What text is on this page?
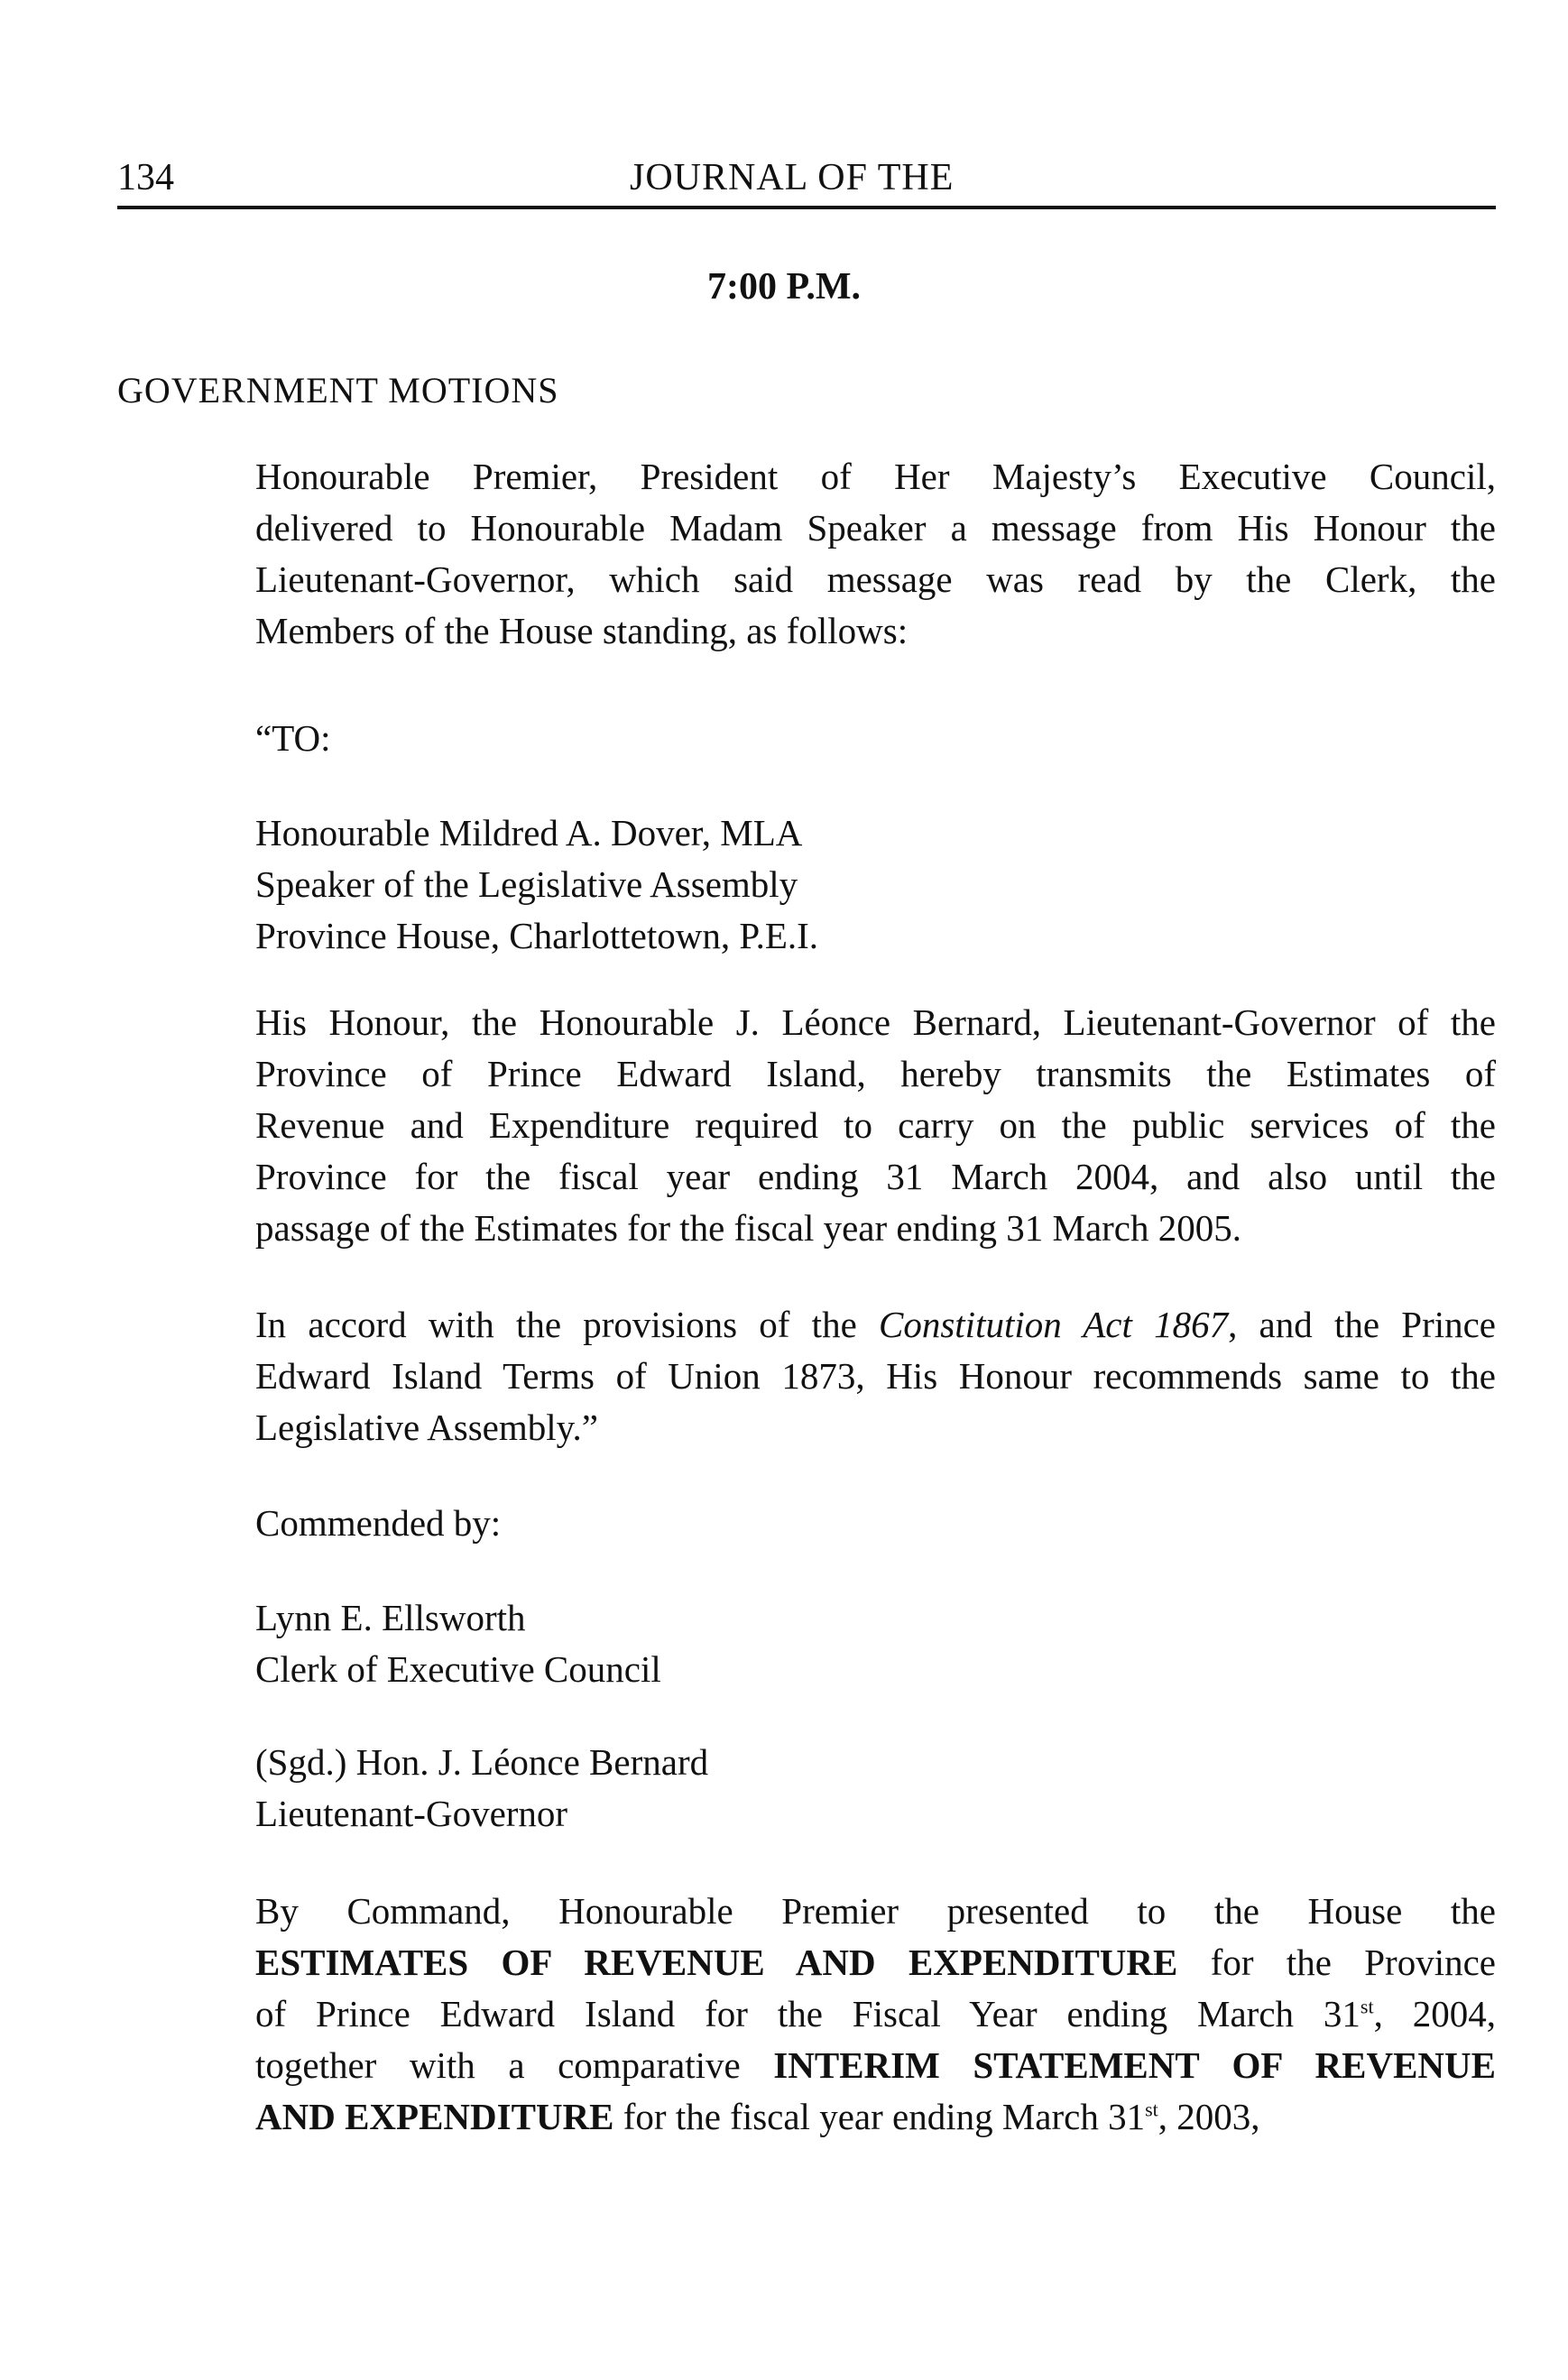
134	JOURNAL OF THE
7:00 P.M.
GOVERNMENT MOTIONS
Honourable Premier, President of Her Majesty’s Executive Council,
delivered to Honourable Madam Speaker a message from His Honour the
Lieutenant-Governor, which said message was read by the Clerk, the
Members of the House standing, as follows:
“TO:
Honourable Mildred A. Dover, MLA
Speaker of the Legislative Assembly
Province House, Charlottetown, P.E.I.
His Honour, the Honourable J. Léonce Bernard, Lieutenant-Governor of the
Province of Prince Edward Island, hereby transmits the Estimates of
Revenue and Expenditure required to carry on the public services of the
Province for the fiscal year ending 31 March 2004, and also until the
passage of the Estimates for the fiscal year ending 31 March 2005.
In accord with the provisions of the Constitution Act 1867, and the Prince
Edward Island Terms of Union 1873, His Honour recommends same to the
Legislative Assembly.”
Commended by:
Lynn E. Ellsworth
Clerk of Executive Council
(Sgd.) Hon. J. Léonce Bernard
Lieutenant-Governor
By Command, Honourable Premier presented to the House the
ESTIMATES OF REVENUE AND EXPENDITURE for the Province
of Prince Edward Island for the Fiscal Year ending March 31st, 2004,
together with a comparative INTERIM STATEMENT OF REVENUE
AND EXPENDITURE for the fiscal year ending March 31st, 2003,
